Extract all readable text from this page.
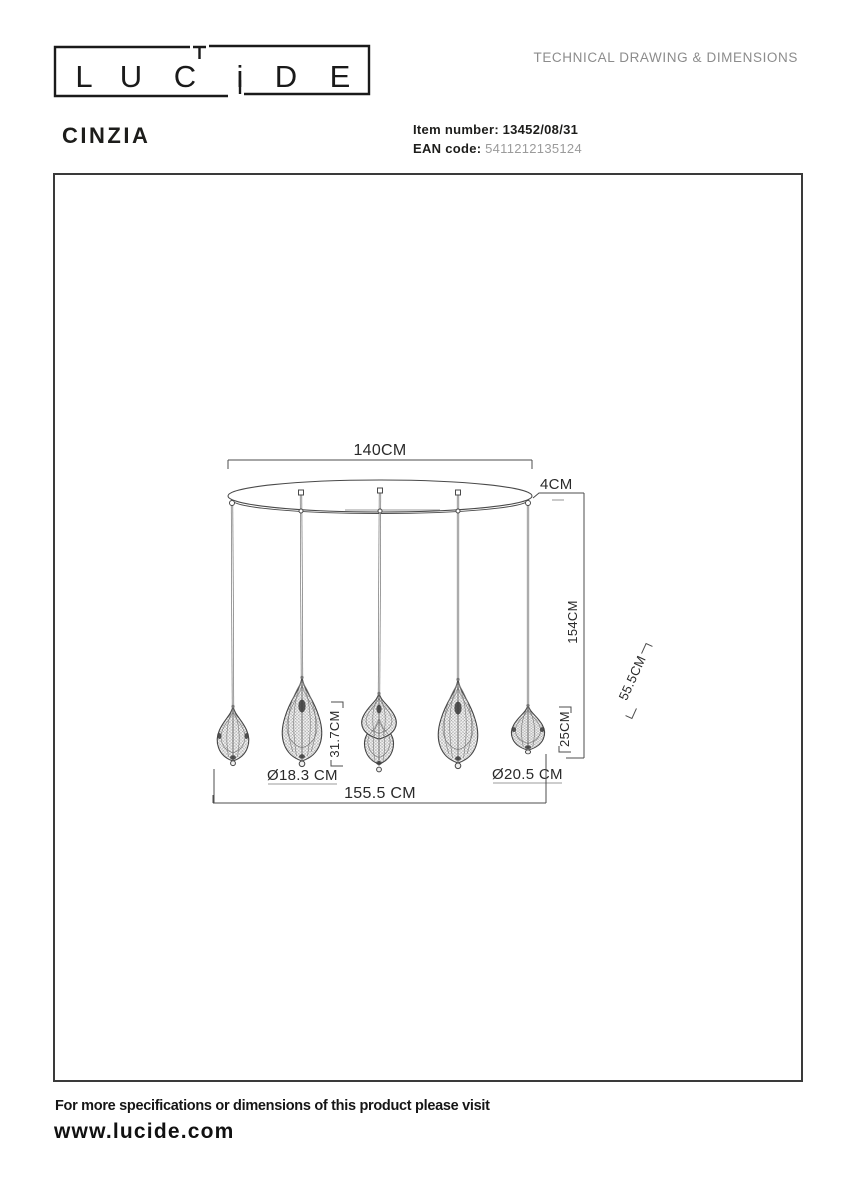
L U C i D E
140CM
4CM
154CM
55.5CM
31.7CM	25CM
Ø18.3 CM	Ø20.5 CM
155.5 CM
TECHNICAL DRAWING & DIMENSIONS
CINZIA	Item number: 13452/08/31
EAN code: 5411212135124
For more specifications or dimensions of this product please visit
www.lucide.com
